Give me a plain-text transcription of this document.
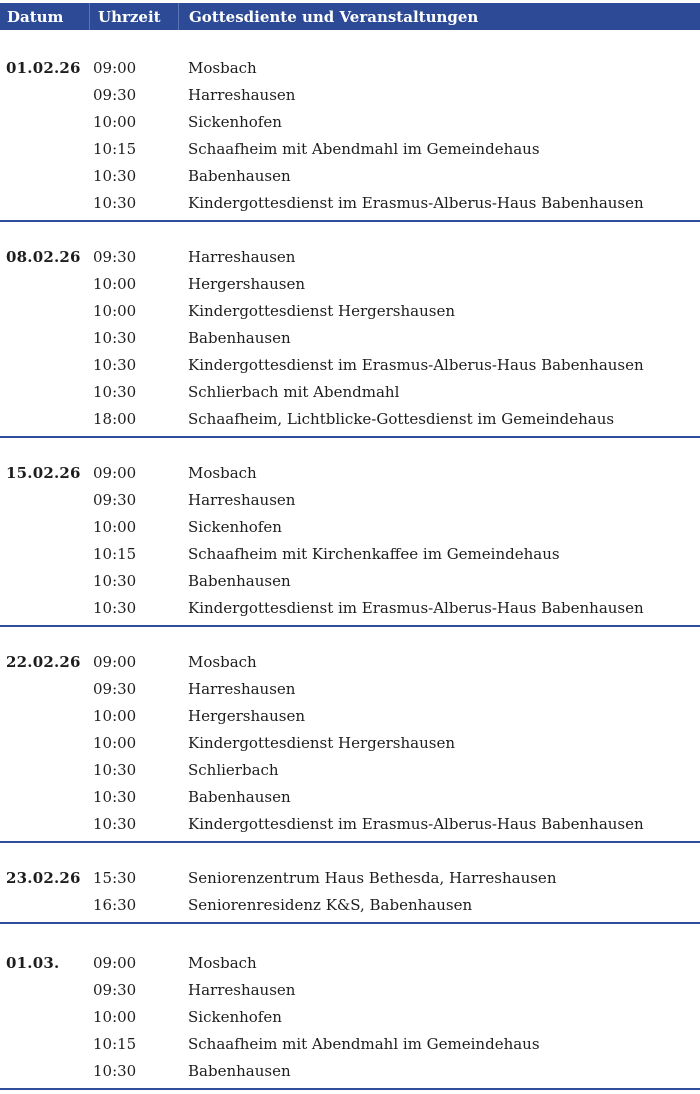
Datum	Uhrzeit	Gottesdiente und Veranstaltungen
01.02.26 09:00	Mosbach
09:30	Harreshausen
10:00	Sickenhofen
10:15	Schaafheim mit Abendmahl im Gemeindehaus
10:30	Babenhausen
10:30	Kindergottesdienst im Erasmus-Alberus-Haus Babenhausen
08.02.26 09:30	Harreshausen
10:00	Hergershausen
10:00	Kindergottesdienst Hergershausen
10:30	Babenhausen
10:30	Kindergottesdienst im Erasmus-Alberus-Haus Babenhausen
10:30	Schlierbach mit Abendmahl
18:00	Schaafheim, Lichtblicke-Gottesdienst im Gemeindehaus
15.02.26 09:00	Mosbach
09:30	Harreshausen
10:00	Sickenhofen
10:15	Schaafheim mit Kirchenkaffee im Gemeindehaus
10:30	Babenhausen
10:30	Kindergottesdienst im Erasmus-Alberus-Haus Babenhausen
22.02.26 09:00	Mosbach
09:30	Harreshausen
10:00	Hergershausen
10:00	Kindergottesdienst Hergershausen
10:30	Schlierbach
10:30	Babenhausen
10:30	Kindergottesdienst im Erasmus-Alberus-Haus Babenhausen
23.02.26 15:30	Seniorenzentrum Haus Bethesda, Harreshausen
16:30	Seniorenresidenz K&S, Babenhausen
01.03.	09:00	Mosbach
09:30	Harreshausen
10:00	Sickenhofen
10:15	Schaafheim mit Abendmahl im Gemeindehaus
10:30	Babenhausen
